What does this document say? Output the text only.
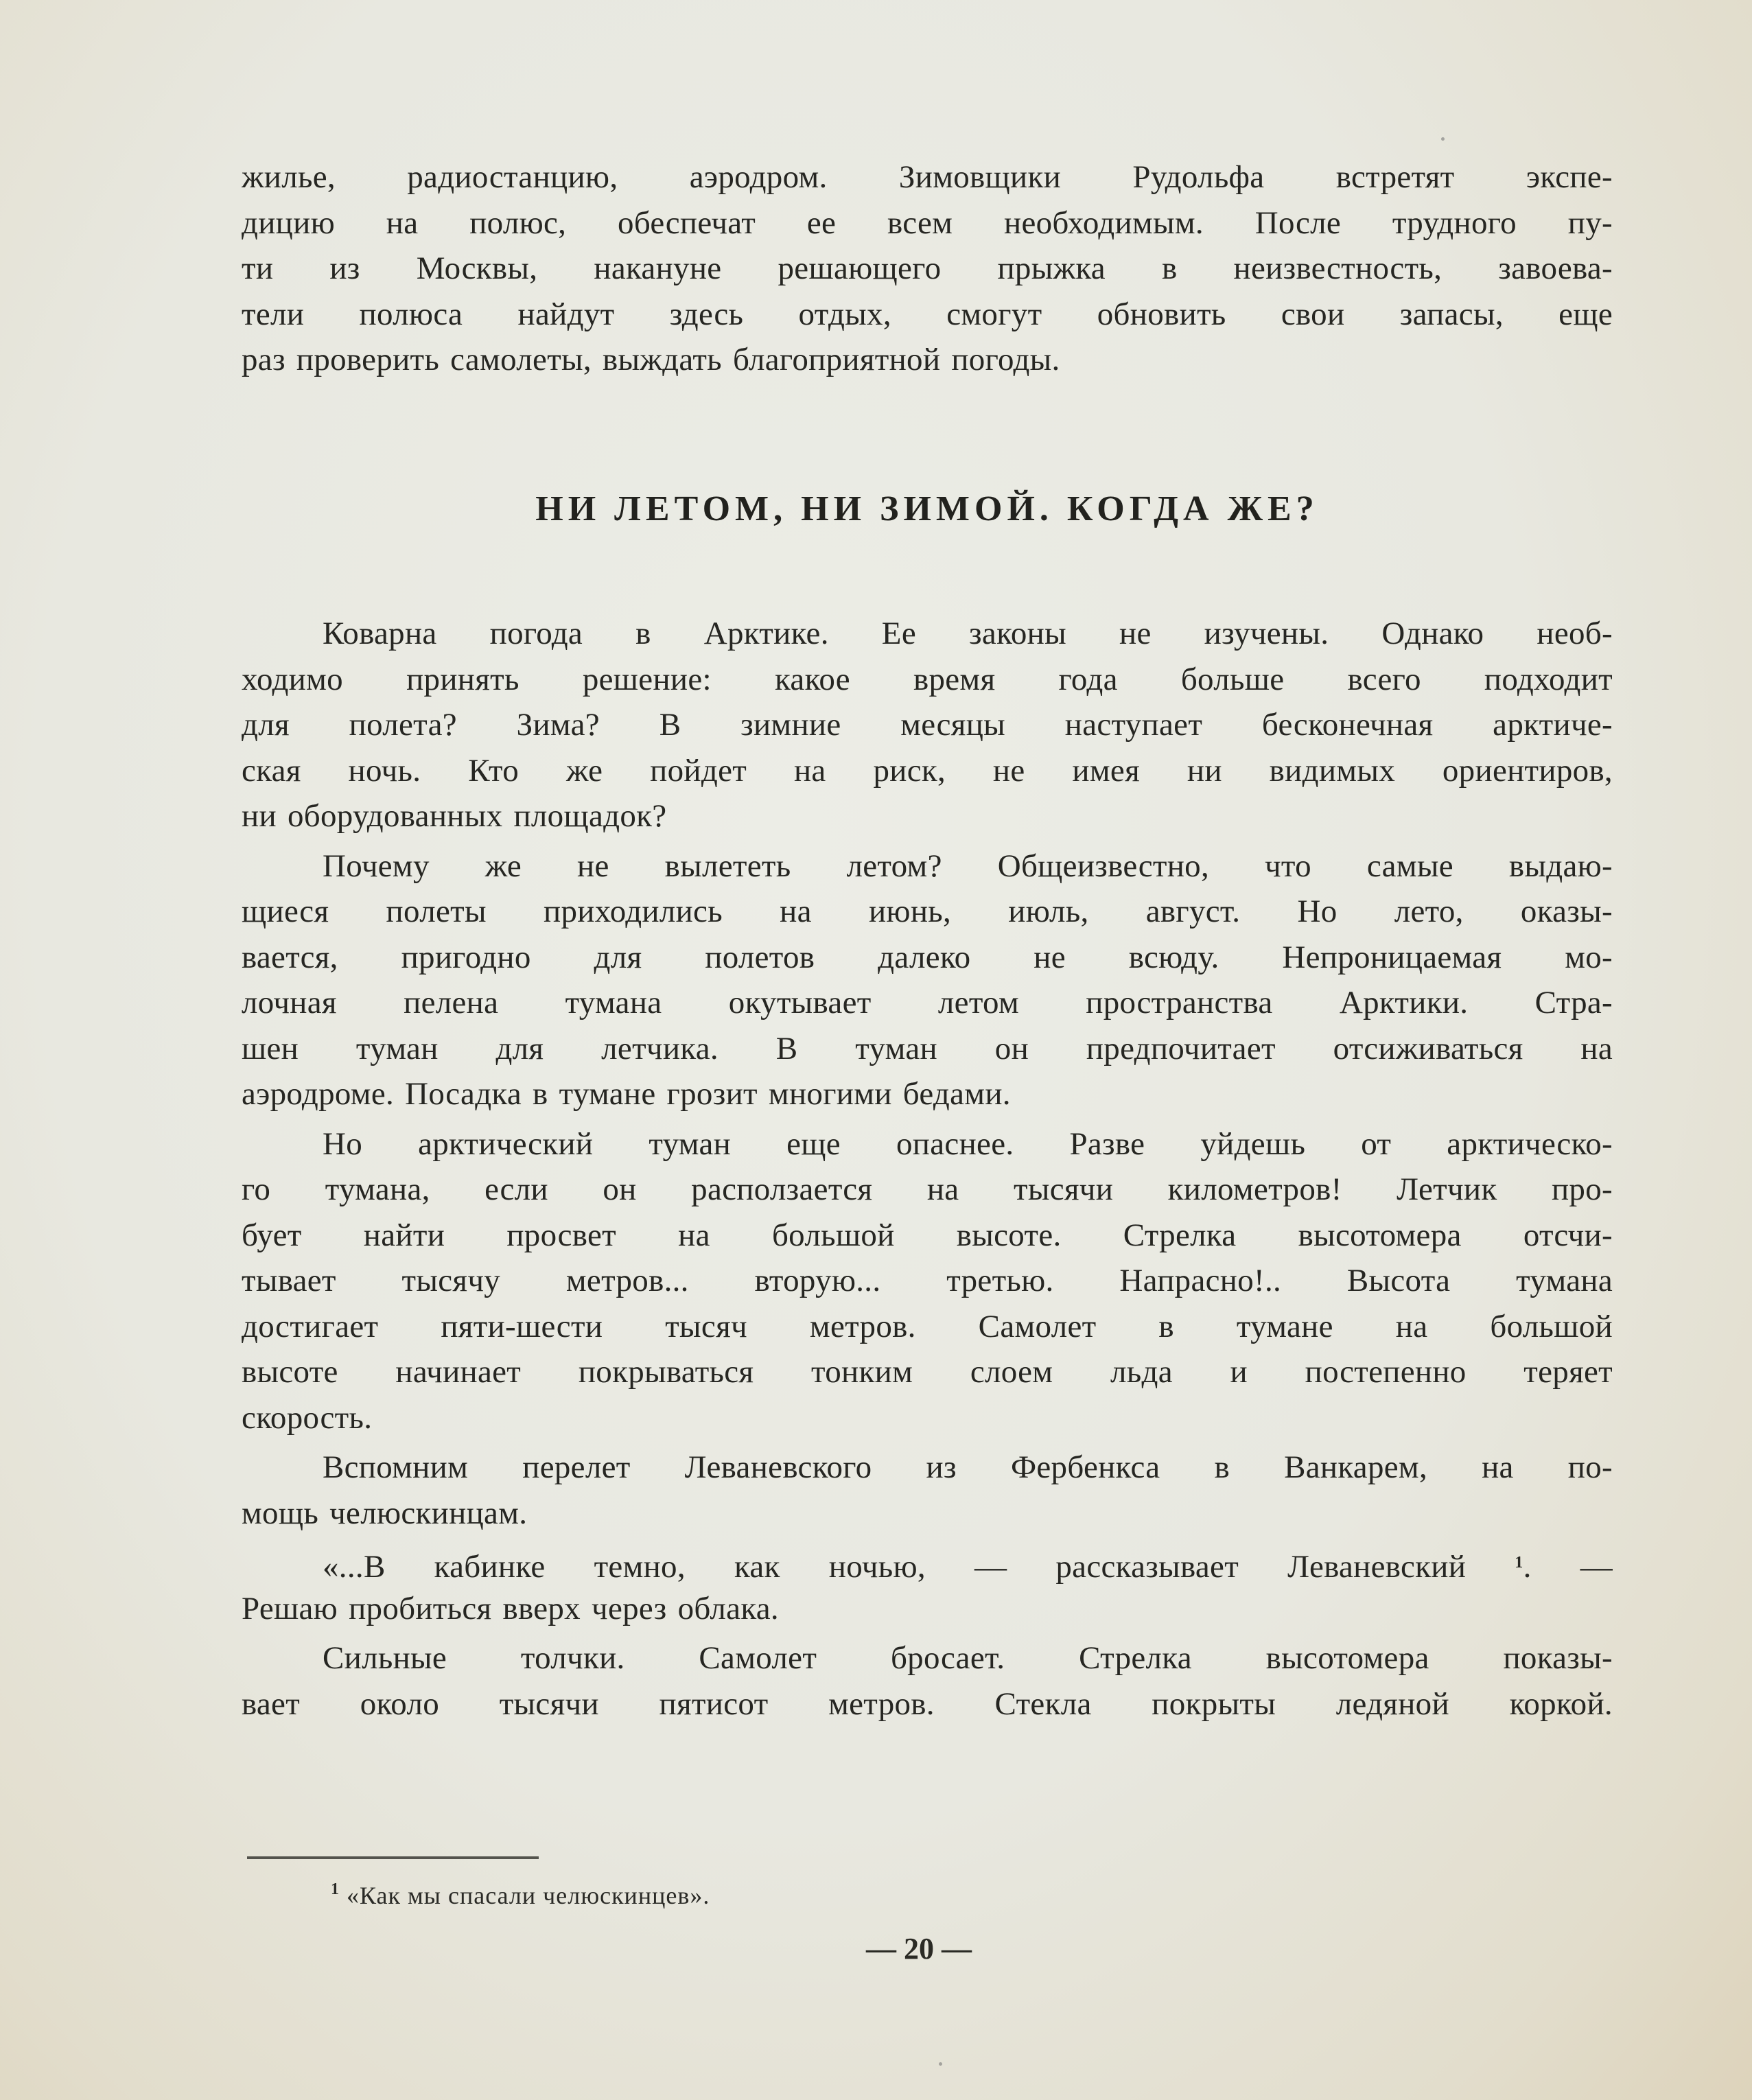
жилье, радиостанцию, аэродром. Зимовщики Рудольфа встретят экспе-
дицию на полюс, обеспечат ее всем необходимым. После трудного пу-
ти из Москвы, накануне решающего прыжка в неизвестность, завоева-
тели полюса найдут здесь отдых, смогут обновить свои запасы, еще
раз проверить самолеты, выждать благоприятной погоды.

НИ ЛЕТОМ, НИ ЗИМОЙ. КОГДА ЖЕ?

Коварна погода в Арктике. Ее законы не изучены. Однако необ-
ходимо принять решение: какое время года больше всего подходит
для полета? Зима? В зимние месяцы наступает бесконечная арктиче-
ская ночь. Кто же пойдет на риск, не имея ни видимых ориентиров,
ни оборудованных площадок?

Почему же не вылететь летом? Общеизвестно, что самые выдаю-
щиеся полеты приходились на июнь, июль, август. Но лето, оказы-
вается, пригодно для полетов далеко не всюду. Непроницаемая мо-
лочная пелена тумана окутывает летом пространства Арктики. Стра-
шен туман для летчика. В туман он предпочитает отсиживаться на
аэродроме. Посадка в тумане грозит многими бедами.

Но арктический туман еще опаснее. Разве уйдешь от арктическо-
го тумана, если он расползается на тысячи километров! Летчик про-
бует найти просвет на большой высоте. Стрелка высотомера отсчи-
тывает тысячу метров... вторую... третью. Напрасно!.. Высота тумана
достигает пяти-шести тысяч метров. Самолет в тумане на большой
высоте начинает покрываться тонким слоем льда и постепенно теряет
скорость.

Вспомним перелет Леваневского из Фербенкса в Ванкарем, на по-
мощь челюскинцам.

«...В кабинке темно, как ночью, — рассказывает Леваневский	$^1$. —
Решаю пробиться вверх через облака.

Сильные толчки. Самолет бросает. Стрелка высотомера показы-
вает около тысячи пятисот метров. Стекла покрыты ледяной коркой.

$^1$ «Как мы спасали челюскинцев».
— 20 —
